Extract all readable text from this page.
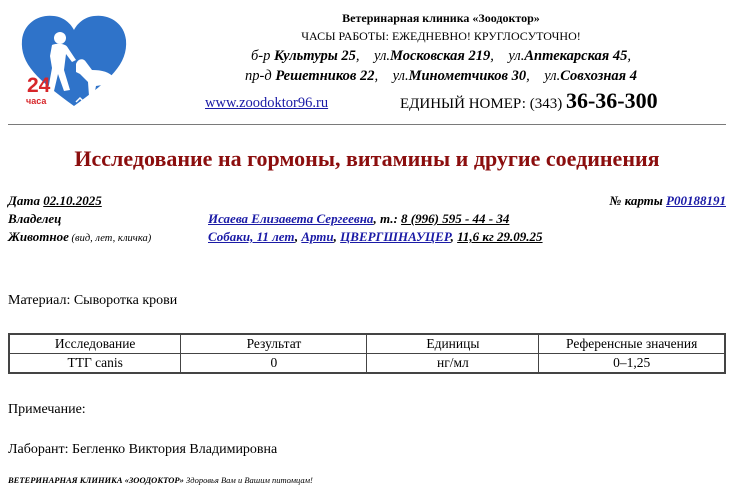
24
часа
Ветеринарная клиника «Зоодоктор»
ЧАСЫ РАБОТЫ: ЕЖЕДНЕВНО! КРУГЛОСУТОЧНО!
б-р Культуры 25,    ул.Московская 219,    ул.Аптекарская 45,
пр-д Решетников 22,    ул.Минометчиков 30,    ул.Совхозная 4
www.zoodoktor96.ru	ЕДИНЫЙ НОМЕР: (343) 36-36-300
Исследование на гормоны, витамины и другие соединения
Дата 02.10.2025	№ карты P00188191
Владелец	Исаева Елизавета Сергеевна, т.: 8 (996) 595 - 44 - 34
Животное (вид, лет, кличка)	Собаки, 11 лет, Арти, ЦВЕРГШНАУЦЕР, 11,6 кг 29.09.25
Материал: Сыворотка крови
Исследование	Результат	Единицы	Референсные значения
ТТГ canis	0	нг/мл	0–1,25
Примечание:
Лаборант: Бегленко Виктория Владимировна
ВЕТЕРИНАРНАЯ КЛИНИКА «ЗООДОКТОР» Здоровья Вам и Вашим питомцам!
